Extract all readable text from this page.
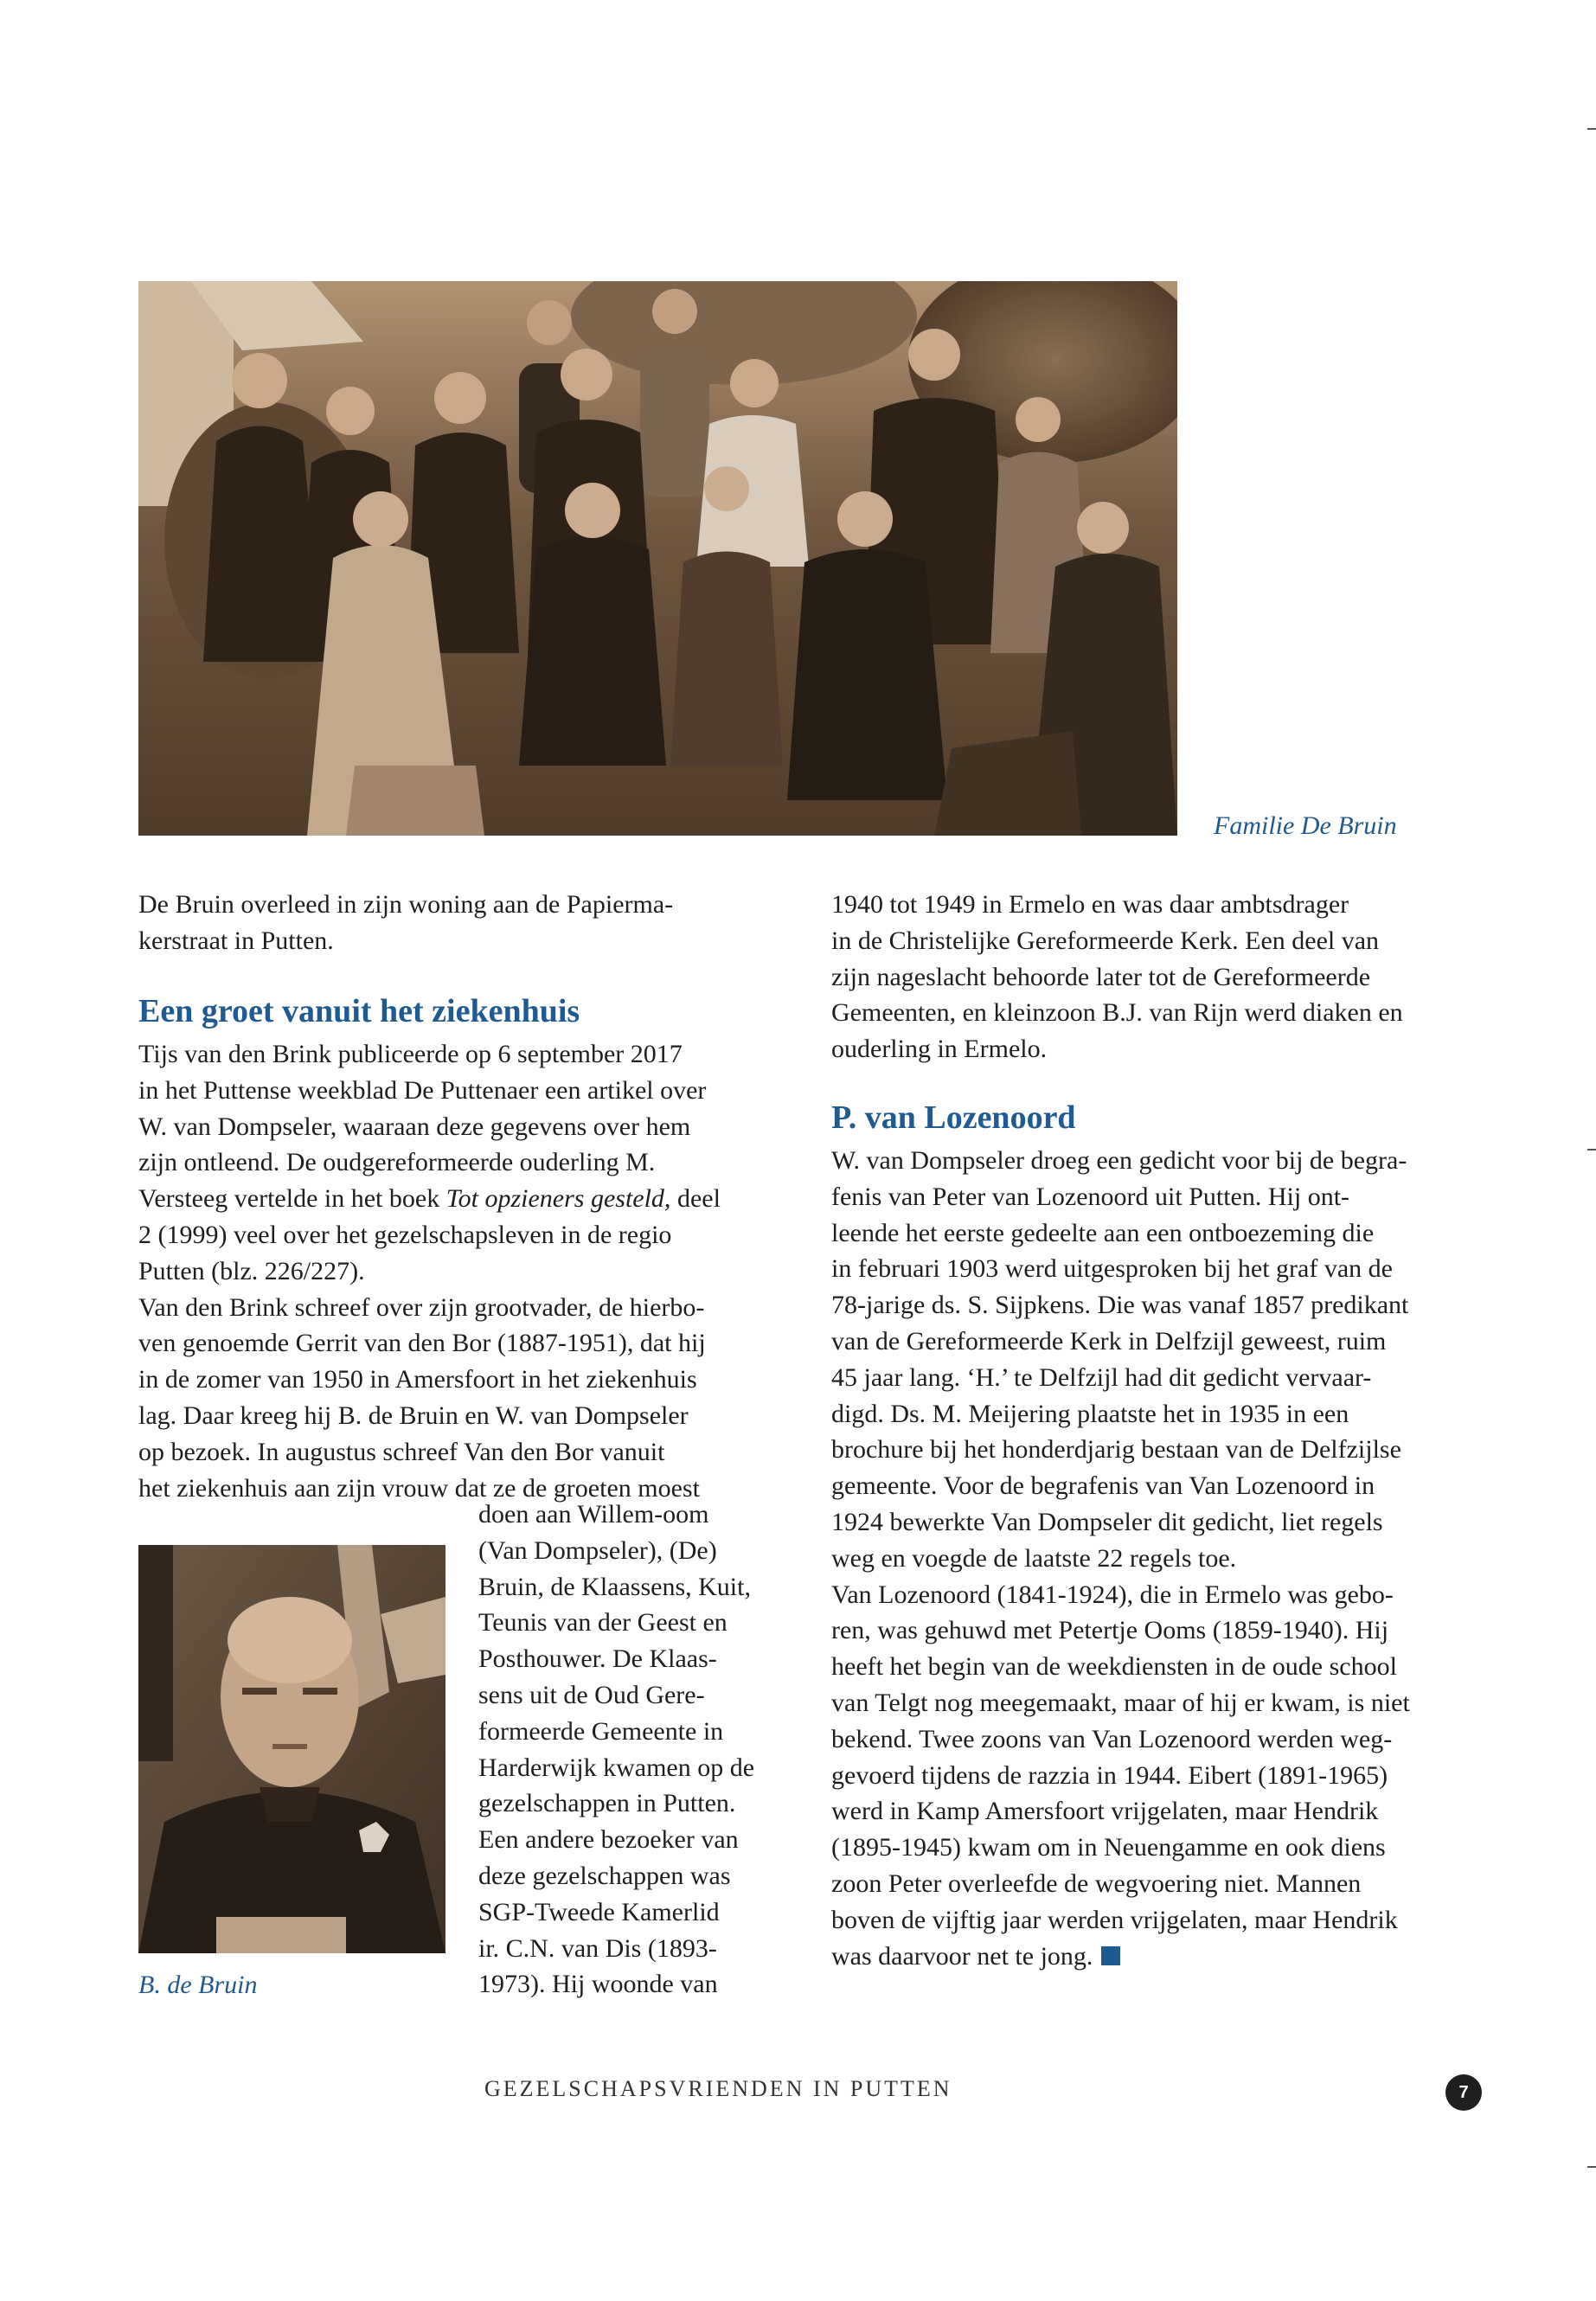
Familie De Bruin

De Bruin overleed in zijn woning aan de Papierma-

kerstraat in Putten.

Een groet vanuit het ziekenhuis

Tijs van den Brink publiceerde op 6 september 2017

in het Puttense weekblad De Puttenaer een artikel over

W. van Dompseler, waaraan deze gegevens over hem

zijn ontleend. De oudgereformeerde ouderling M.

Versteeg vertelde in het boek Tot opzieners gesteld, deel

2 (1999) veel over het gezelschapsleven in de regio

Putten (blz. 226/227).

Van den Brink schreef over zijn grootvader, de hierbo-

ven genoemde Gerrit van den Bor (1887-1951), dat hij

in de zomer van 1950 in Amersfoort in het ziekenhuis

lag. Daar kreeg hij B. de Bruin en W. van Dompseler

op bezoek. In augustus schreef Van den Bor vanuit

het ziekenhuis aan zijn vrouw dat ze de groeten moest

B. de Bruin

doen aan Willem-oom

(Van Dompseler), (De)

Bruin, de Klaassens, Kuit,

Teunis van der Geest en

Posthouwer. De Klaas-

sens uit de Oud Gere-

formeerde Gemeente in

Harderwijk kwamen op de

gezelschappen in Putten.

Een andere bezoeker van

deze gezelschappen was

SGP-Tweede Kamerlid

ir. C.N. van Dis (1893-

1973). Hij woonde van

1940 tot 1949 in Ermelo en was daar ambtsdrager

in de Christelijke Gereformeerde Kerk. Een deel van

zijn nageslacht behoorde later tot de Gereformeerde

Gemeenten, en kleinzoon B.J. van Rijn werd diaken en

ouderling in Ermelo.

P. van Lozenoord

W. van Dompseler droeg een gedicht voor bij de begra-

fenis van Peter van Lozenoord uit Putten. Hij ont-

leende het eerste gedeelte aan een ontboezeming die

in februari 1903 werd uitgesproken bij het graf van de

78-jarige ds. S. Sijpkens. Die was vanaf 1857 predikant

van de Gereformeerde Kerk in Delfzijl geweest, ruim

45 jaar lang. ‘H.’ te Delfzijl had dit gedicht vervaar-

digd. Ds. M. Meijering plaatste het in 1935 in een

brochure bij het honderdjarig bestaan van de Delfzijlse

gemeente. Voor de begrafenis van Van Lozenoord in

1924 bewerkte Van Dompseler dit gedicht, liet regels

weg en voegde de laatste 22 regels toe.

Van Lozenoord (1841-1924), die in Ermelo was gebo-

ren, was gehuwd met Petertje Ooms (1859-1940). Hij

heeft het begin van de weekdiensten in de oude school

van Telgt nog meegemaakt, maar of hij er kwam, is niet

bekend. Twee zoons van Van Lozenoord werden weg-

gevoerd tijdens de razzia in 1944. Eibert (1891-1965)

werd in Kamp Amersfoort vrijgelaten, maar Hendrik

(1895-1945) kwam om in Neuengamme en ook diens

zoon Peter overleefde de wegvoering niet. Mannen

boven de vijftig jaar werden vrijgelaten, maar Hendrik

was daarvoor net te jong.

GEZELSCHAPSVRIENDEN IN PUTTEN	7
